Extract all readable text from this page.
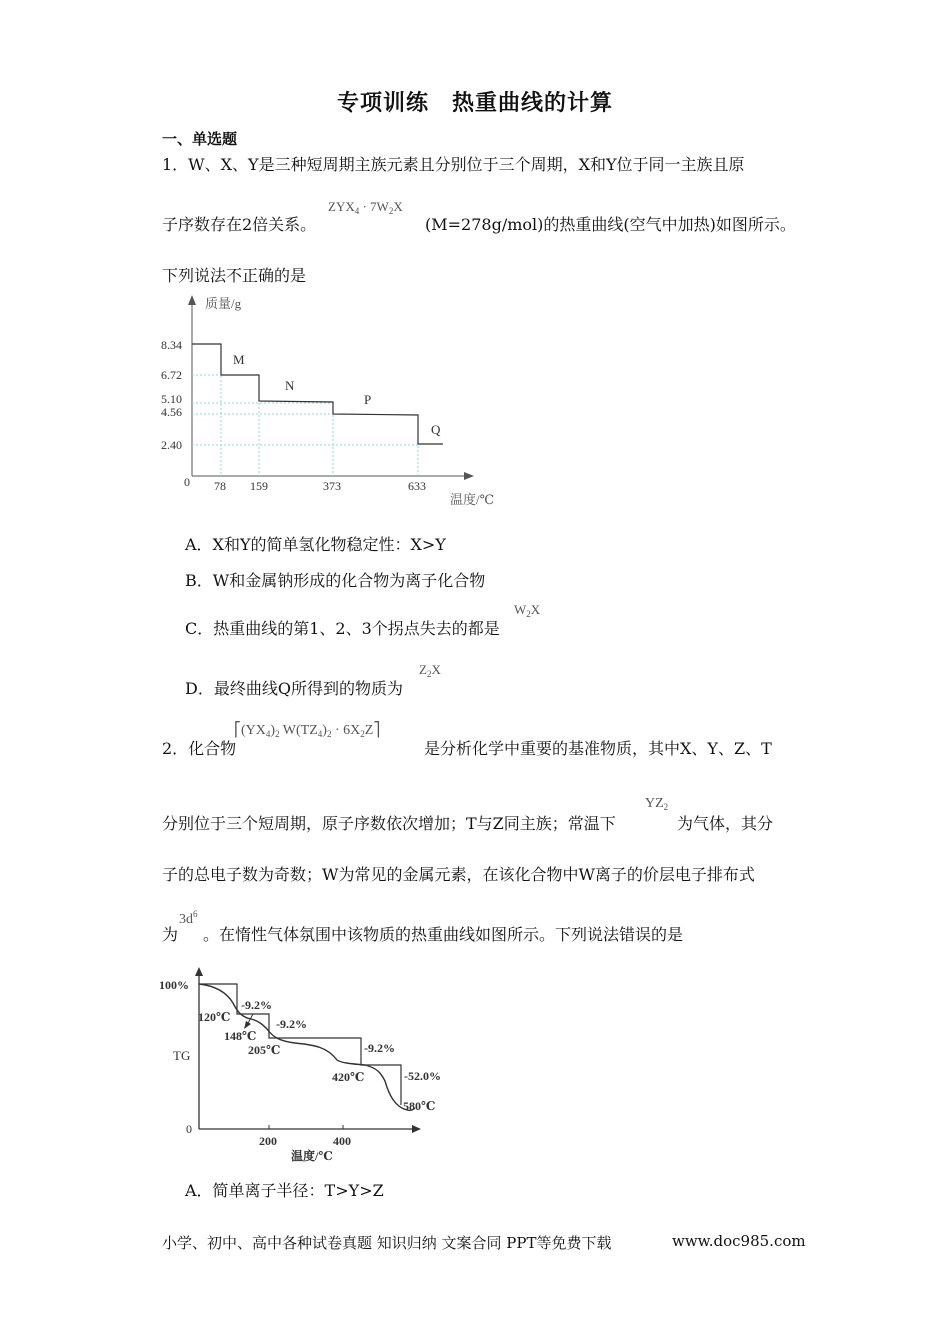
专项训练　热重曲线的计算
一、单选题
1．W、X、Y是三种短周期主族元素且分别位于三个周期，X和Y位于同一主族且原
子序数存在2倍关系。
$ZYX_4 \cdot 7W_2X$
(M=278g/mol)的热重曲线(空气中加热)如图所示。
下列说法不正确的是
质量/g
温度/℃
0
8.34
6.72
5.10
4.56
2.40
78 159	373	633
M
N
P
Q
A．X和Y的简单氢化物稳定性：X>Y
B．W和金属钠形成的化合物为离子化合物
C．热重曲线的第1、2、3个拐点失去的都是
$W_2X$
D．最终曲线Q所得到的物质为
$Z_2X$
2．化合物
$⎡(YX_4)_2$ $W(TZ_4)_2$ · $6X_2Z⎤$
是分析化学中重要的基准物质，其中X、Y、Z、T
分别位于三个短周期，原子序数依次增加；T与Z同主族；常温下
$YZ_2$
为气体，其分
子的总电子数为奇数；W为常见的金属元素，在该化合物中W离子的价层电子排布式
为
$3d^6$
。在惰性气体氛围中该物质的热重曲线如图所示。下列说法错误的是
100%
TG
0
200	400
温度/℃
-9.2%
-9.2%
-9.2%
-52.0%
120℃
148℃
205℃
420℃
580℃
A．简单离子半径：T>Y>Z
小学、初中、高中各种试卷真题 知识归纳 文案合同 PPT等免费下载	www.doc985.com
